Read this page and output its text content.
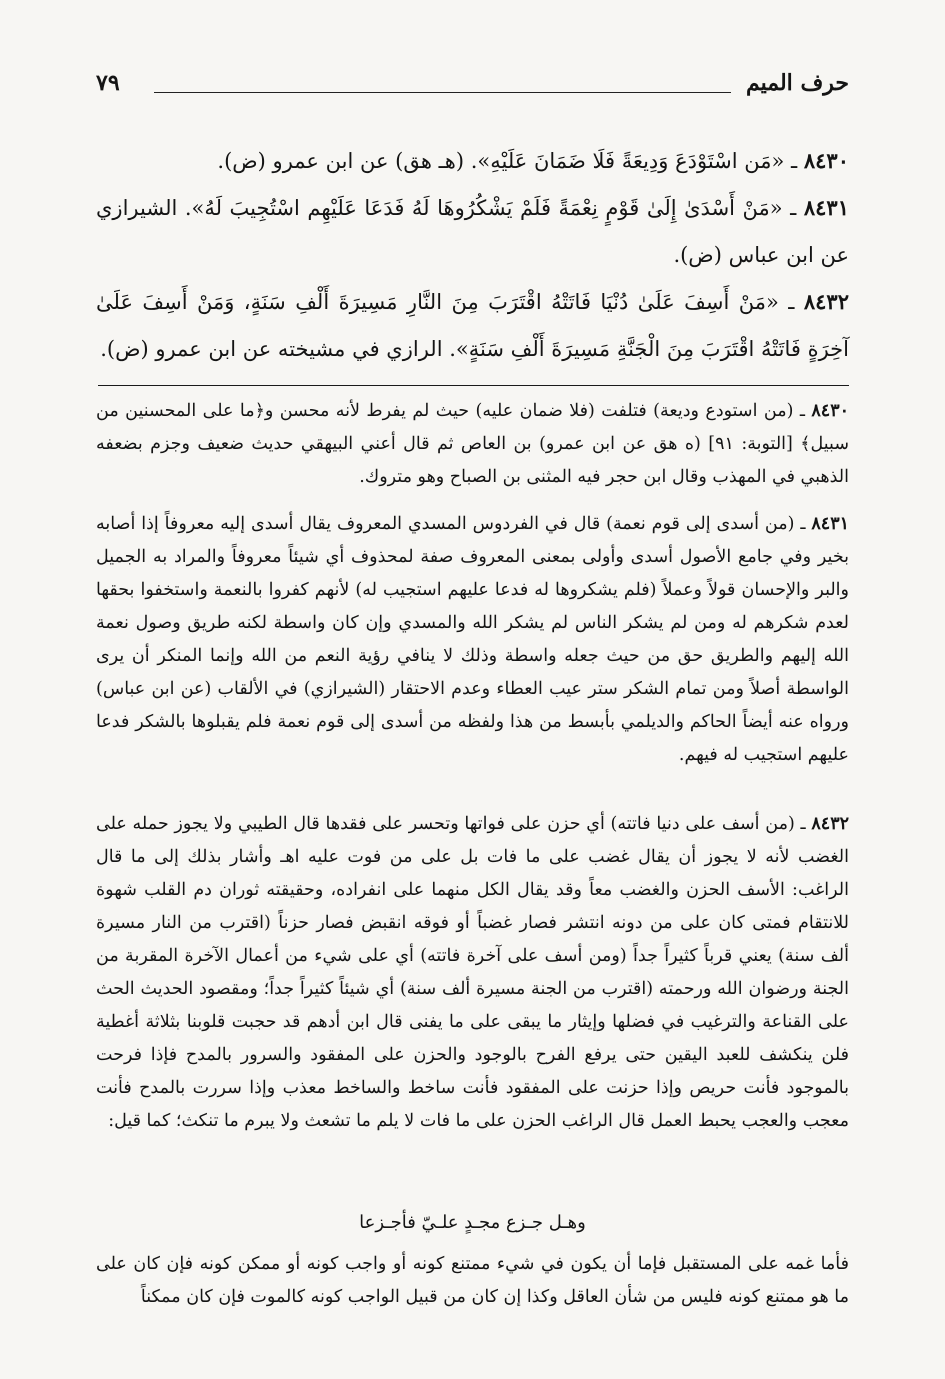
حرف الميم
٧٩
٨٤٣٠ ـ «مَن اسْتَوْدَعَ وَدِيعَةً فَلَا ضَمَانَ عَلَيْهِ». (هـ هق) عن ابن عمرو (ض).
٨٤٣١ ـ «مَنْ أَسْدَىٰ إِلَىٰ قَوْمٍ نِعْمَةً فَلَمْ يَشْكُرُوهَا لَهُ فَدَعَا عَلَيْهِم اسْتُجِيبَ لَهُ». الشيرازي عن ابن عباس (ض).
٨٤٣٢ ـ «مَنْ أَسِفَ عَلَىٰ دُنْيَا فَاتَتْهُ اقْتَرَبَ مِنَ النَّارِ مَسِيرَةَ أَلْفِ سَنَةٍ، وَمَنْ أَسِفَ عَلَىٰ آخِرَةٍ فَاتَتْهُ اقْتَرَبَ مِنَ الْجَنَّةِ مَسِيرَةَ أَلْفِ سَنَةٍ». الرازي في مشيخته عن ابن عمرو (ض).
٨٤٣٠ ـ (من استودع وديعة) فتلفت (فلا ضمان عليه) حيث لم يفرط لأنه محسن و﴿ما على المحسنين من سبيل﴾ [التوبة: ٩١] (ه هق عن ابن عمرو) بن العاص ثم قال أعني البيهقي حديث ضعيف وجزم بضعفه الذهبي في المهذب وقال ابن حجر فيه المثنى بن الصباح وهو متروك.
٨٤٣١ ـ (من أسدى إلى قوم نعمة) قال في الفردوس المسدي المعروف يقال أسدى إليه معروفاً إذا أصابه بخير وفي جامع الأصول أسدى وأولى بمعنى المعروف صفة لمحذوف أي شيئاً معروفاً والمراد به الجميل والبر والإحسان قولاً وعملاً (فلم يشكروها له فدعا عليهم استجيب له) لأنهم كفروا بالنعمة واستخفوا بحقها لعدم شكرهم له ومن لم يشكر الناس لم يشكر الله والمسدي وإن كان واسطة لكنه طريق وصول نعمة الله إليهم والطريق حق من حيث جعله واسطة وذلك لا ينافي رؤية النعم من الله وإنما المنكر أن يرى الواسطة أصلاً ومن تمام الشكر ستر عيب العطاء وعدم الاحتقار (الشيرازي) في الألقاب (عن ابن عباس) ورواه عنه أيضاً الحاكم والديلمي بأبسط من هذا ولفظه من أسدى إلى قوم نعمة فلم يقبلوها بالشكر فدعا عليهم استجيب له فيهم.
٨٤٣٢ ـ (من أسف على دنيا فاتته) أي حزن على فواتها وتحسر على فقدها قال الطيبي ولا يجوز حمله على الغضب لأنه لا يجوز أن يقال غضب على ما فات بل على من فوت عليه اهـ وأشار بذلك إلى ما قال الراغب: الأسف الحزن والغضب معاً وقد يقال الكل منهما على انفراده، وحقيقته ثوران دم القلب شهوة للانتقام فمتى كان على من دونه انتشر فصار غضباً أو فوقه انقبض فصار حزناً (اقترب من النار مسيرة ألف سنة) يعني قرباً كثيراً جداً (ومن أسف على آخرة فاتته) أي على شيء من أعمال الآخرة المقربة من الجنة ورضوان الله ورحمته (اقترب من الجنة مسيرة ألف سنة) أي شيئاً كثيراً جداً؛ ومقصود الحديث الحث على القناعة والترغيب في فضلها وإيثار ما يبقى على ما يفنى قال ابن أدهم قد حجبت قلوبنا بثلاثة أغطية فلن ينكشف للعبد اليقين حتى يرفع الفرح بالوجود والحزن على المفقود والسرور بالمدح فإذا فرحت بالموجود فأنت حريص وإذا حزنت على المفقود فأنت ساخط والساخط معذب وإذا سررت بالمدح فأنت معجب والعجب يحبط العمل قال الراغب الحزن على ما فات لا يلم ما تشعث ولا يبرم ما تنكث؛ كما قيل:
وهـل جـزع مجـدٍ علـيّ فأجـزعا
فأما غمه على المستقبل فإما أن يكون في شيء ممتنع كونه أو واجب كونه أو ممكن كونه فإن كان على ما هو ممتنع كونه فليس من شأن العاقل وكذا إن كان من قبيل الواجب كونه كالموت فإن كان ممكناً
